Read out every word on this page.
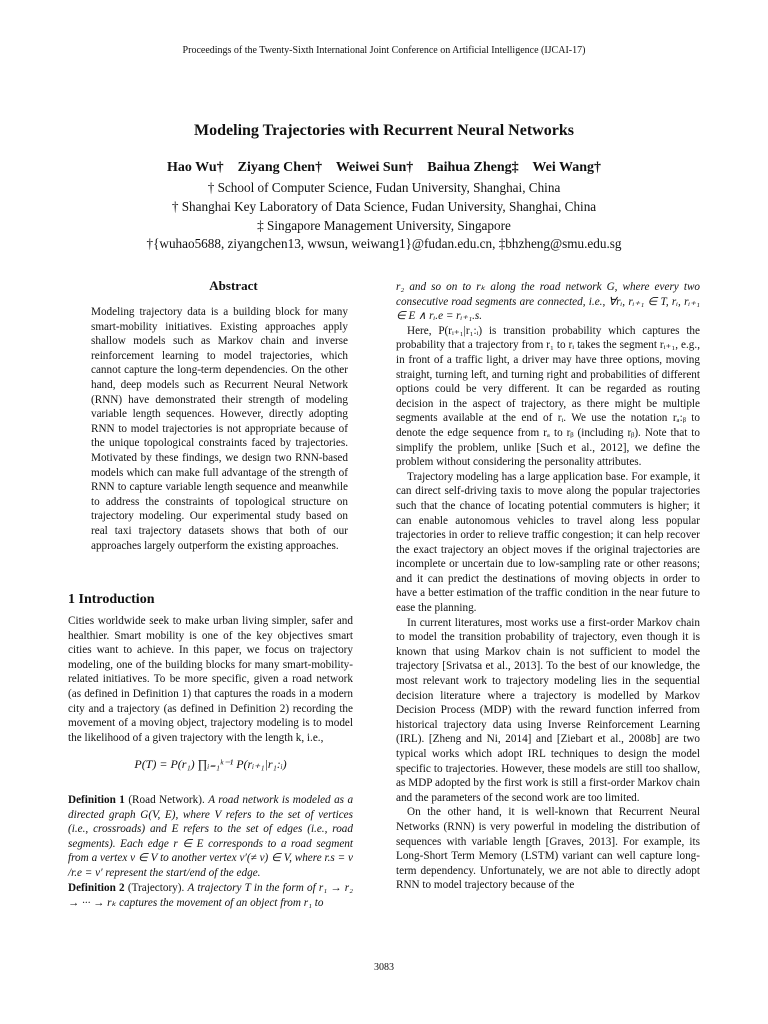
Proceedings of the Twenty-Sixth International Joint Conference on Artificial Intelligence (IJCAI-17)
Modeling Trajectories with Recurrent Neural Networks
Hao Wu†    Ziyang Chen†    Weiwei Sun†    Baihua Zheng‡    Wei Wang†
† School of Computer Science, Fudan University, Shanghai, China
† Shanghai Key Laboratory of Data Science, Fudan University, Shanghai, China
‡ Singapore Management University, Singapore
†{wuhao5688, ziyangchen13, wwsun, weiwang1}@fudan.edu.cn, ‡bhzheng@smu.edu.sg
Abstract
Modeling trajectory data is a building block for many smart-mobility initiatives. Existing approaches apply shallow models such as Markov chain and inverse reinforcement learning to model trajectories, which cannot capture the long-term dependencies. On the other hand, deep models such as Recurrent Neural Network (RNN) have demonstrated their strength of modeling variable length sequences. However, directly adopting RNN to model trajectories is not appropriate because of the unique topological constraints faced by trajectories. Motivated by these findings, we design two RNN-based models which can make full advantage of the strength of RNN to capture variable length sequence and meanwhile to address the constraints of topological structure on trajectory modeling. Our experimental study based on real taxi trajectory datasets shows that both of our approaches largely outperform the existing approaches.
1 Introduction
Cities worldwide seek to make urban living simpler, safer and healthier. Smart mobility is one of the key objectives smart cities want to achieve. In this paper, we focus on trajectory modeling, one of the building blocks for many smart-mobility-related initiatives. To be more specific, given a road network (as defined in Definition 1) that captures the roads in a modern city and a trajectory (as defined in Definition 2) recording the movement of a moving object, trajectory modeling is to model the likelihood of a given trajectory with the length k, i.e.,
P(T) = P(r₁) ∏ᵢ₌₁ᵏ⁻¹ P(rᵢ₊₁|r₁:ᵢ)
Definition 1 (Road Network). A road network is modeled as a directed graph G(V, E), where V refers to the set of vertices (i.e., crossroads) and E refers to the set of edges (i.e., road segments). Each edge r ∈ E corresponds to a road segment from a vertex v ∈ V to another vertex v′(≠ v) ∈ V, where r.s = v /r.e = v′ represent the start/end of the edge.
Definition 2 (Trajectory). A trajectory T in the form of r₁ → r₂ → ··· → rₖ captures the movement of an object from r₁ to

r₂ and so on to rₖ along the road network G, where every two consecutive road segments are connected, i.e., ∀rᵢ, rᵢ₊₁ ∈ T, rᵢ, rᵢ₊₁ ∈ E ∧ rᵢ.e = rᵢ₊₁.s.

Here, P(rᵢ₊₁|r₁:ᵢ) is transition probability which captures the probability that a trajectory from r₁ to rᵢ takes the segment rᵢ₊₁, e.g., in front of a traffic light, a driver may have three options, moving straight, turning left, and turning right and probabilities of different options could be very different. It can be regarded as routing decision in the aspect of trajectory, as there might be multiple segments available at the end of rᵢ. We use the notation rₐ:ᵦ to denote the edge sequence from rₐ to rᵦ (including rᵦ). Note that to simplify the problem, unlike [Such et al., 2012], we define the problem without considering the personality attributes.

Trajectory modeling has a large application base. For example, it can direct self-driving taxis to move along the popular trajectories such that the chance of locating potential commuters is higher; it can enable autonomous vehicles to travel along less popular trajectories in order to relieve traffic congestion; it can help recover the exact trajectory an object moves if the original trajectories are incomplete or uncertain due to low-sampling rate or other reasons; and it can predict the destinations of moving objects in order to have a better estimation of the traffic condition in the near future to ease the planning.

In current literatures, most works use a first-order Markov chain to model the transition probability of trajectory, even though it is known that using Markov chain is not sufficient to model the trajectory [Srivatsa et al., 2013]. To the best of our knowledge, the most relevant work to trajectory modeling lies in the sequential decision literature where a trajectory is modelled by Markov Decision Process (MDP) with the reward function inferred from historical trajectory data using Inverse Reinforcement Learning (IRL). [Zheng and Ni, 2014] and [Ziebart et al., 2008b] are two typical works which adopt IRL techniques to design the model specific to trajectories. However, these models are still too shallow, as MDP adopted by the first work is still a first-order Markov chain and the parameters of the second work are too limited.

On the other hand, it is well-known that Recurrent Neural Networks (RNN) is very powerful in modeling the distribution of sequences with variable length [Graves, 2013]. For example, its Long-Short Term Memory (LSTM) variant can well capture long-term dependency. Unfortunately, we are not able to directly adopt RNN to model trajectory because of the

3083
